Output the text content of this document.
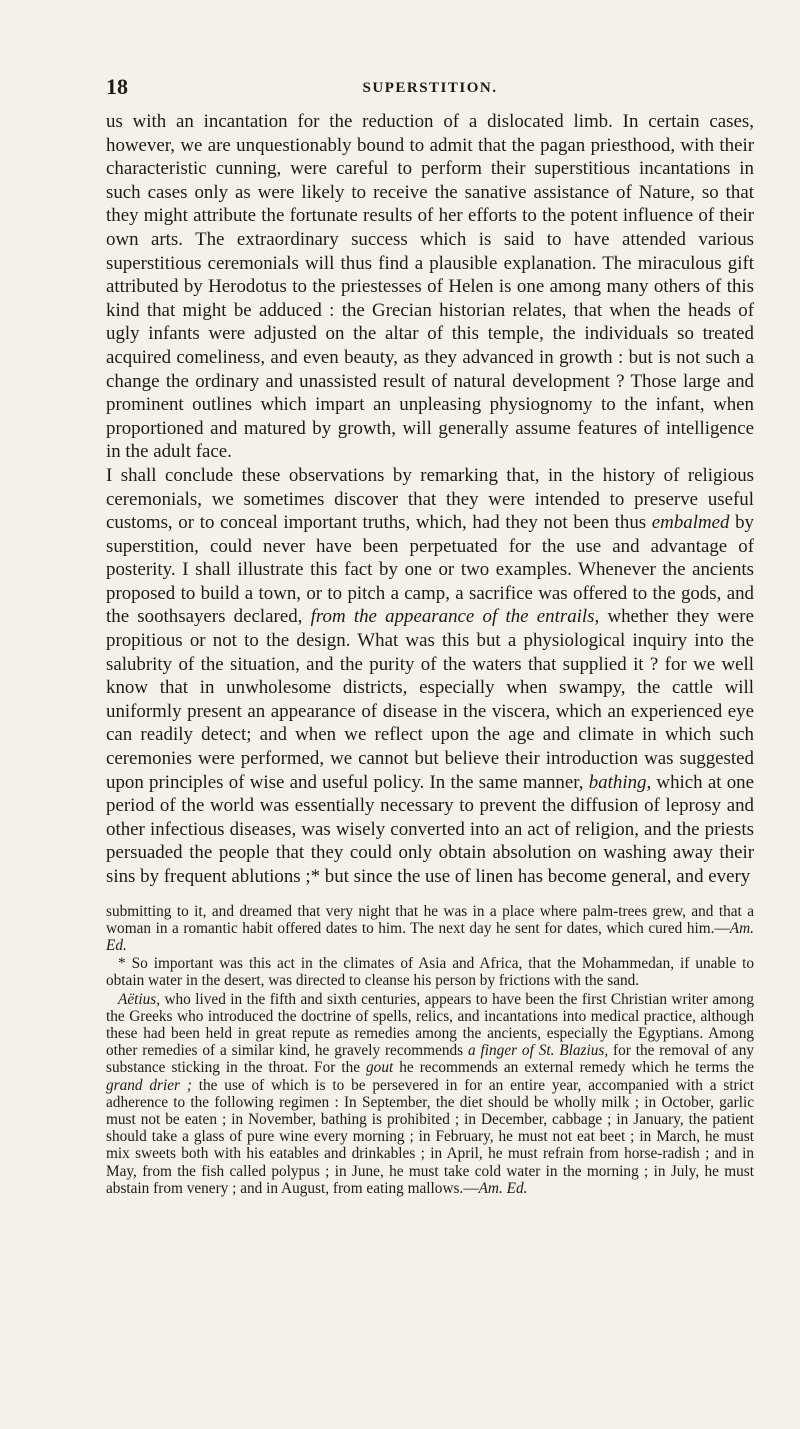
18	SUPERSTITION.

us with an incantation for the reduction of a dislocated limb. In certain cases, however, we are unquestionably bound to admit that the pagan priesthood, with their characteristic cunning, were careful to perform their superstitious incantations in such cases only as were likely to receive the sanative assistance of Nature, so that they might attribute the fortunate results of her efforts to the potent influence of their own arts. The extraordinary success which is said to have attended various superstitious ceremonials will thus find a plausible explanation. The miraculous gift attributed by Herodotus to the priestesses of Helen is one among many others of this kind that might be adduced : the Grecian historian relates, that when the heads of ugly infants were adjusted on the altar of this temple, the individuals so treated acquired comeliness, and even beauty, as they advanced in growth : but is not such a change the ordinary and unassisted result of natural development ? Those large and prominent outlines which impart an unpleasing physiognomy to the infant, when proportioned and matured by growth, will generally assume features of intelligence in the adult face.

I shall conclude these observations by remarking that, in the history of religious ceremonials, we sometimes discover that they were intended to preserve useful customs, or to conceal important truths, which, had they not been thus embalmed by superstition, could never have been perpetuated for the use and advantage of posterity. I shall illustrate this fact by one or two examples. Whenever the ancients proposed to build a town, or to pitch a camp, a sacrifice was offered to the gods, and the soothsayers declared, from the appearance of the entrails, whether they were propitious or not to the design. What was this but a physiological inquiry into the salubrity of the situation, and the purity of the waters that supplied it ? for we well know that in unwholesome districts, especially when swampy, the cattle will uniformly present an appearance of disease in the viscera, which an experienced eye can readily detect; and when we reflect upon the age and climate in which such ceremonies were performed, we cannot but believe their introduction was suggested upon principles of wise and useful policy. In the same manner, bathing, which at one period of the world was essentially necessary to prevent the diffusion of leprosy and other infectious diseases, was wisely converted into an act of religion, and the priests persuaded the people that they could only obtain absolution on washing away their sins by frequent ablutions ;* but since the use of linen has become general, and every

submitting to it, and dreamed that very night that he was in a place where palm-trees grew, and that a woman in a romantic habit offered dates to him. The next day he sent for dates, which cured him.—Am. Ed.

* So important was this act in the climates of Asia and Africa, that the Mohammedan, if unable to obtain water in the desert, was directed to cleanse his person by frictions with the sand.

Aëtius, who lived in the fifth and sixth centuries, appears to have been the first Christian writer among the Greeks who introduced the doctrine of spells, relics, and incantations into medical practice, although these had been held in great repute as remedies among the ancients, especially the Egyptians. Among other remedies of a similar kind, he gravely recommends a finger of St. Blazius, for the removal of any substance sticking in the throat. For the gout he recommends an external remedy which he terms the grand drier ; the use of which is to be persevered in for an entire year, accompanied with a strict adherence to the following regimen : In September, the diet should be wholly milk ; in October, garlic must not be eaten ; in November, bathing is prohibited ; in December, cabbage ; in January, the patient should take a glass of pure wine every morning ; in February, he must not eat beet ; in March, he must mix sweets both with his eatables and drinkables ; in April, he must refrain from horse-radish ; and in May, from the fish called polypus ; in June, he must take cold water in the morning ; in July, he must abstain from venery ; and in August, from eating mallows.—Am. Ed.
